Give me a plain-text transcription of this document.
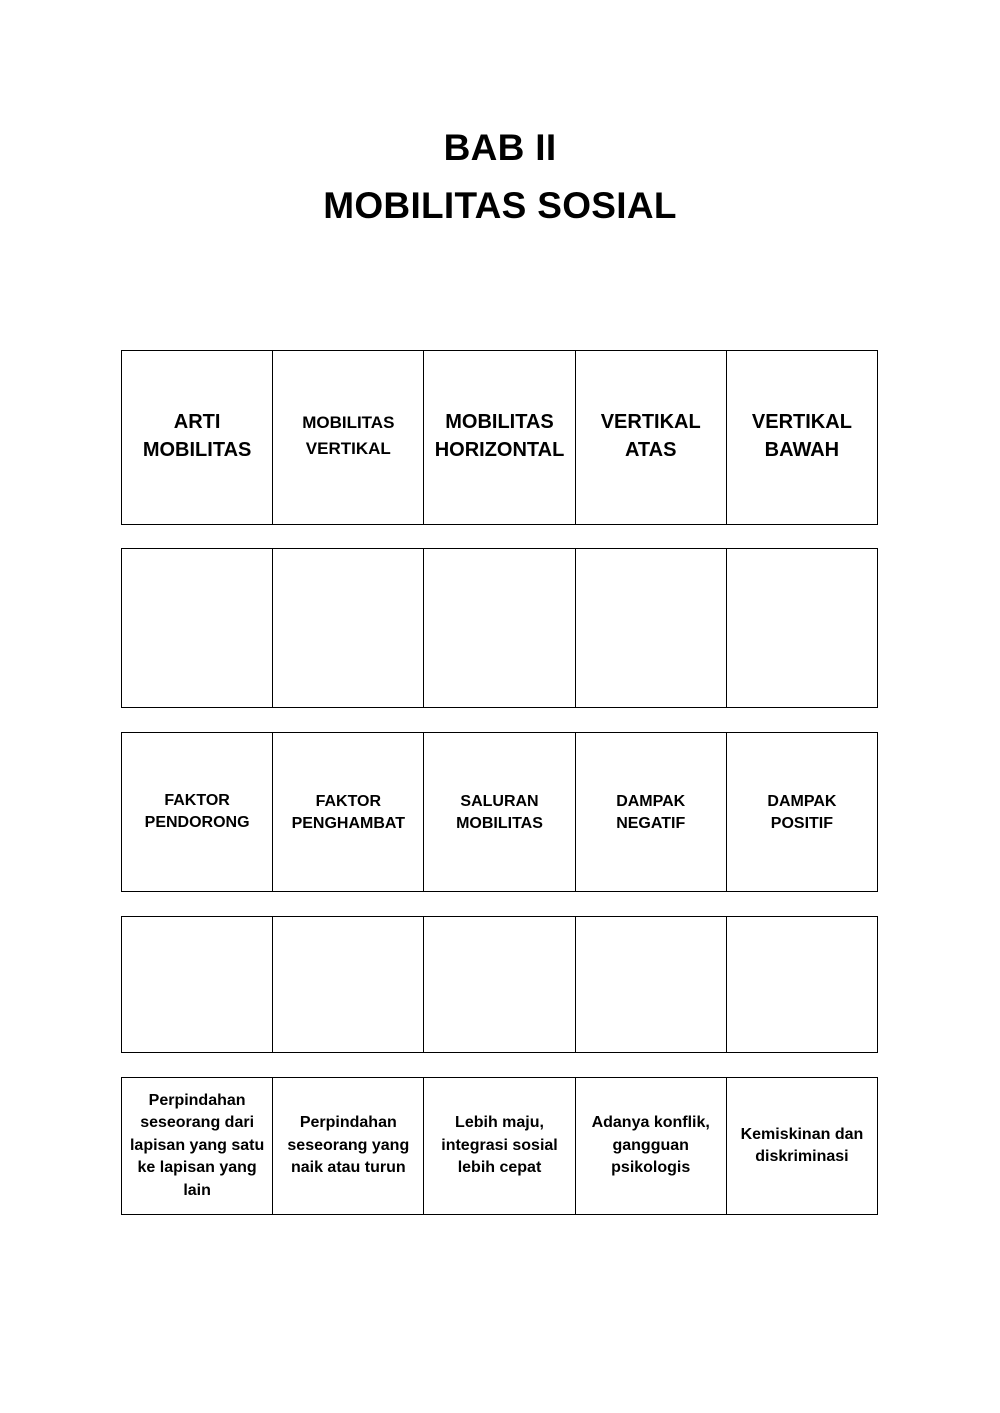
BAB II
MOBILITAS SOSIAL
ARTI
MOBILITAS
MOBILITAS
VERTIKAL
MOBILITAS
HORIZONTAL
VERTIKAL
ATAS
VERTIKAL
BAWAH
FAKTOR
PENDORONG
FAKTOR
PENGHAMBAT
SALURAN
MOBILITAS
DAMPAK
NEGATIF
DAMPAK
POSITIF
Perpindahan
seseorang dari
lapisan yang satu
ke lapisan yang
lain
Perpindahan
seseorang yang
naik atau turun
Lebih maju,
integrasi sosial
lebih cepat
Adanya konflik,
gangguan
psikologis
Kemiskinan dan
diskriminasi
